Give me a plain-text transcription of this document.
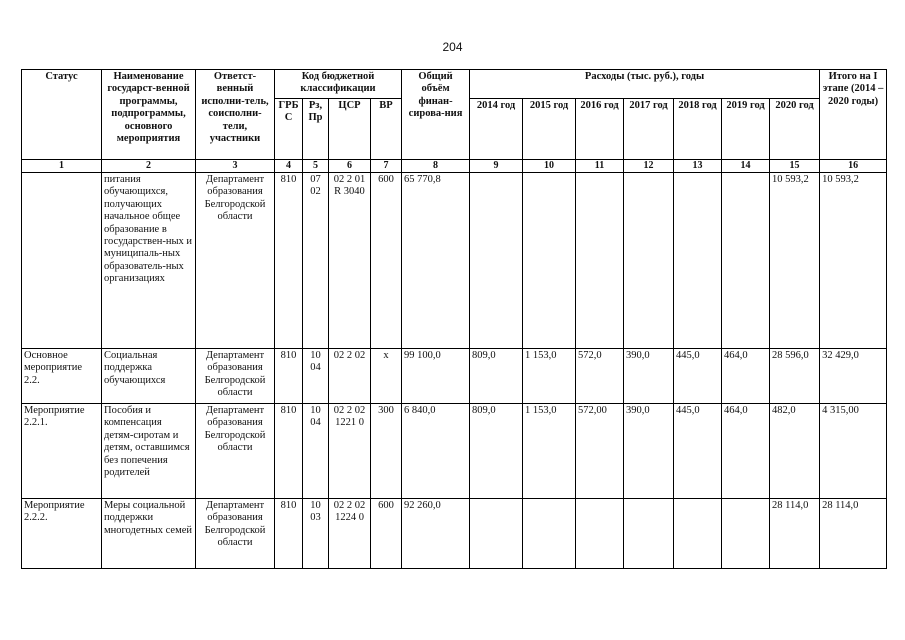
204
Статус	Наименование государст-венной программы, подпрограммы, основного мероприятия	Ответст-венный исполни-тель, соисполни-тели, участники	Код бюджетной классификации				Общий объём финан-сирова-ния	Расходы (тыс. руб.), годы							Итого на I этапе (2014 – 2020 годы)
			ГРБ С	Рз, Пр	ЦСР	ВР		2014 год	2015 год	2016 год	2017 год	2018 год	2019 год	2020 год	
1	2	3	4	5	6	7	8	9	10	11	12	13	14	15	16
	питания обучающихся, получающих начальное общее образование в государствен-ных и муниципаль-ных образователь-ных организациях	Департамент образования Белгородской области	810	07 02	02 2 01 R 3040	600	65 770,8							10 593,2	10 593,2
Основное мероприятие 2.2.	Социальная поддержка обучающихся	Департамент образования Белгородской области	810	10 04	02 2 02	х	99 100,0	809,0	1 153,0	572,0	390,0	445,0	464,0	28 596,0	32 429,0
Мероприятие 2.2.1.	Пособия и компенсация детям-сиротам и детям, оставшимся без попечения родителей	Департамент образования Белгородской области	810	10 04	02 2 02 1221 0	300	6 840,0	809,0	1 153,0	572,00	390,0	445,0	464,0	482,0	4 315,00
Мероприятие 2.2.2.	Меры социальной поддержки многодетных семей	Департамент образования Белгородской области	810	10 03	02 2 02 1224 0	600	92 260,0							28 114,0	28 114,0
